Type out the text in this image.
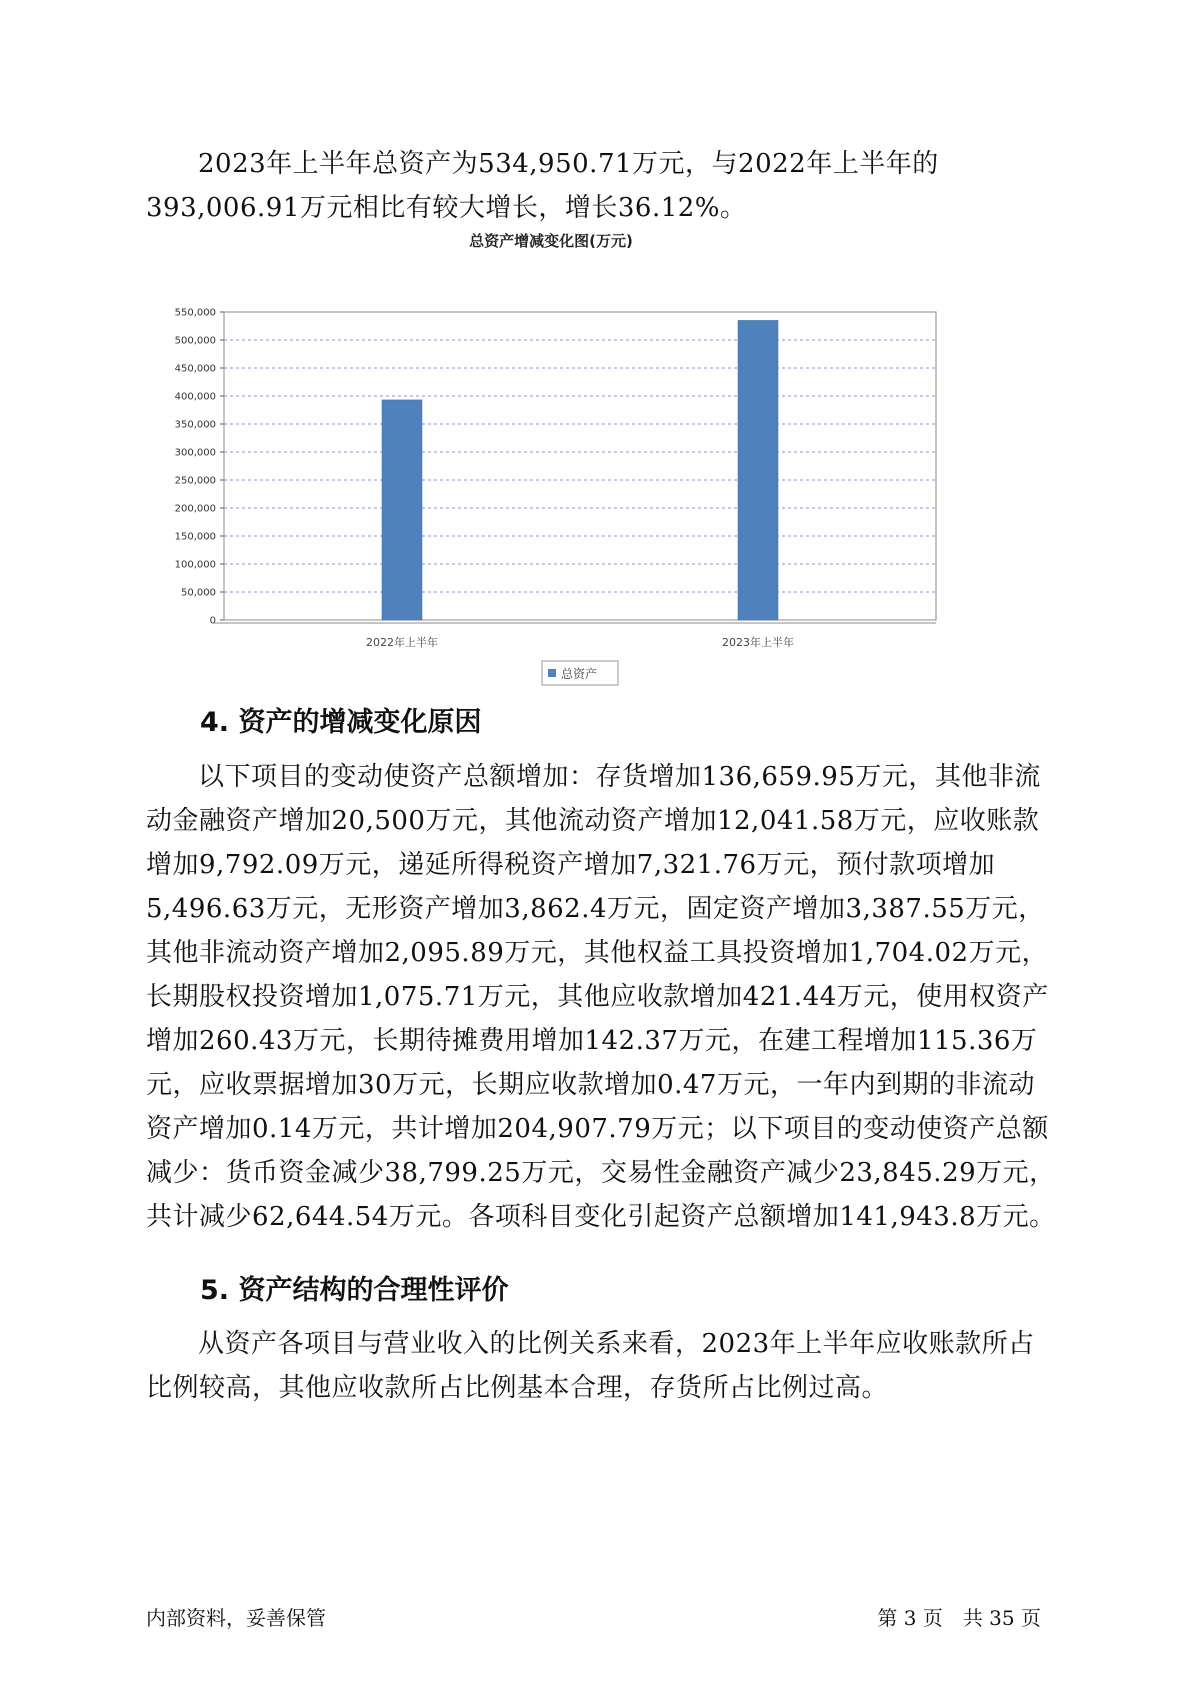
2023年上半年总资产为534,950.71万元，与2022年上半年的393,006.91万元相比有较大增长，增长36.12%。

0
50,000
100,000
150,000
200,000
250,000
300,000
350,000
400,000
450,000
500,000
550,000
2022年上半年	2023年上半年
总资产
总资产增减变化图(万元)
4. 资产的增减变化原因

以下项目的变动使资产总额增加：存货增加136,659.95万元，其他非流动金融资产增加20,500万元，其他流动资产增加12,041.58万元，应收账款增加9,792.09万元，递延所得税资产增加7,321.76万元，预付款项增加5,496.63万元，无形资产增加3,862.4万元，固定资产增加3,387.55万元，其他非流动资产增加2,095.89万元，其他权益工具投资增加1,704.02万元，长期股权投资增加1,075.71万元，其他应收款增加421.44万元，使用权资产增加260.43万元，长期待摊费用增加142.37万元，在建工程增加115.36万元，应收票据增加30万元，长期应收款增加0.47万元，一年内到期的非流动资产增加0.14万元，共计增加204,907.79万元；以下项目的变动使资产总额减少：货币资金减少38,799.25万元，交易性金融资产减少23,845.29万元，共计减少62,644.54万元。各项科目变化引起资产总额增加141,943.8万元。

5. 资产结构的合理性评价

从资产各项目与营业收入的比例关系来看，2023年上半年应收账款所占比例较高，其他应收款所占比例基本合理，存货所占比例过高。

内部资料，妥善保管	第 3 页　共 35 页
